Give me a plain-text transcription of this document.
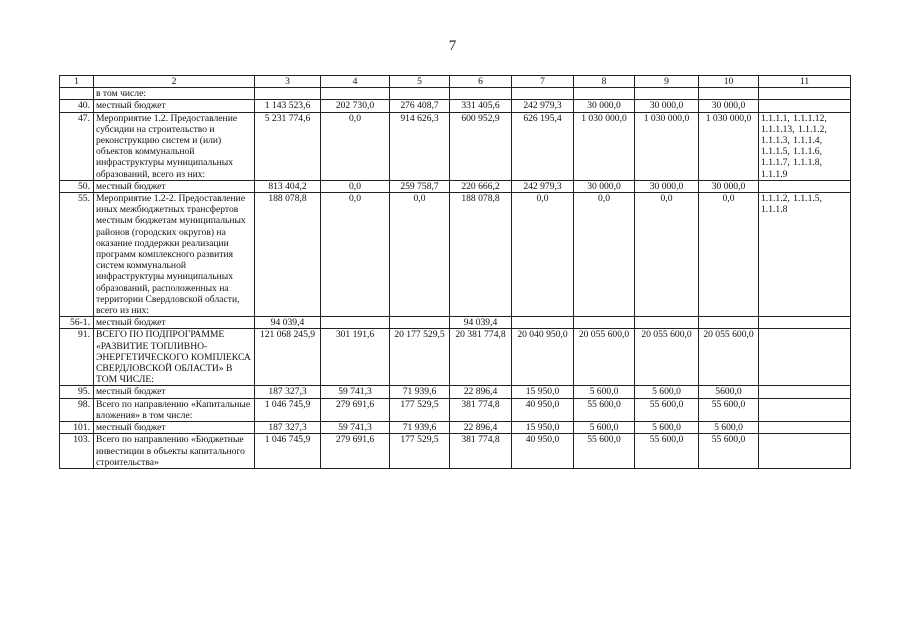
7
1	2	3	4	5	6	7	8	9	10	11
	в том числе:									
40.	местный бюджет	1 143 523,6	202 730,0	276 408,7	331 405,6	242 979,3	30 000,0	30 000,0	30 000,0	
47.	Мероприятие 1.2. Предоставление субсидии на строительство и реконструкцию систем и (или) объектов коммунальной инфраструктуры муниципальных образований, всего из них:	5 231 774,6	0,0	914 626,3	600 952,9	626 195,4	1 030 000,0	1 030 000,0	1 030 000,0	1.1.1.1, 1.1.1.12, 1.1.1.13, 1.1.1.2, 1.1.1.3, 1.1.1.4, 1.1.1.5, 1.1.1.6, 1.1.1.7, 1.1.1.8, 1.1.1.9
50.	местный бюджет	813 404,2	0,0	259 758,7	220 666,2	242 979,3	30 000,0	30 000,0	30 000,0	
55.	Мероприятие 1.2-2. Предоставление иных межбюджетных трансфертов местным бюджетам муниципальных районов (городских округов) на оказание поддержки реализации программ комплексного развития систем коммунальной инфраструктуры муниципальных образований, расположенных на территории Свердловской области, всего из них:	188 078,8	0,0	0,0	188 078,8	0,0	0,0	0,0	0,0	1.1.1.2, 1.1.1.5, 1.1.1.8
56-1.	местный бюджет	94 039,4			94 039,4					
91.	ВСЕГО ПО ПОДПРОГРАММЕ «РАЗВИТИЕ ТОПЛИВНО-ЭНЕРГЕТИЧЕСКОГО КОМПЛЕКСА СВЕРДЛОВСКОЙ ОБЛАСТИ» В ТОМ ЧИСЛЕ:	121 068 245,9	301 191,6	20 177 529,5	20 381 774,8	20 040 950,0	20 055 600,0	20 055 600,0	20 055 600,0	
95.	местный бюджет	187 327,3	59 741,3	71 939,6	22 896,4	15 950,0	5 600,0	5 600,0	5600,0	
98.	Всего по направлению «Капитальные вложения» в том числе:	1 046 745,9	279 691,6	177 529,5	381 774,8	40 950,0	55 600,0	55 600,0	55 600,0	
101.	местный бюджет	187 327,3	59 741,3	71 939,6	22 896,4	15 950,0	5 600,0	5 600,0	5 600,0	
103.	Всего по направлению «Бюджетные инвестиции в объекты капитального строительства»	1 046 745,9	279 691,6	177 529,5	381 774,8	40 950,0	55 600,0	55 600,0	55 600,0	
